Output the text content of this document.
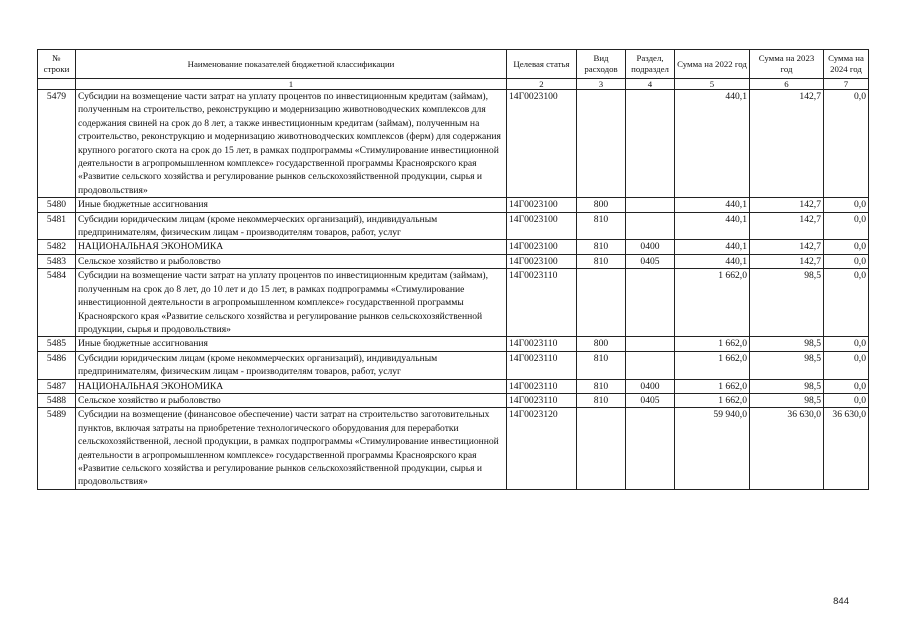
№ строки	Наименование показателей бюджетной классификации	Целевая статья	Вид расходов	Раздел, подраздел	Сумма на 2022 год	Сумма на 2023 год	Сумма на 2024 год
	1	2	3	4	5	6	7
5479	Субсидии на возмещение части затрат на уплату процентов по инвестиционным кредитам (займам), полученным на строительство, реконструкцию и модернизацию животноводческих комплексов для содержания свиней на срок до 8 лет, а также инвестиционным кредитам (займам), полученным на строительство, реконструкцию и модернизацию животноводческих комплексов (ферм) для содержания крупного рогатого скота на срок до 15 лет, в рамках подпрограммы «Стимулирование инвестиционной деятельности в агропромышленном комплексе» государственной программы Красноярского края «Развитие сельского хозяйства и регулирование рынков сельскохозяйственной продукции, сырья и продовольствия»	14Г0023100			440,1	142,7	0,0
5480	Иные бюджетные ассигнования	14Г0023100	800		440,1	142,7	0,0
5481	Субсидии юридическим лицам (кроме некоммерческих организаций), индивидуальным предпринимателям, физическим лицам - производителям товаров, работ, услуг	14Г0023100	810		440,1	142,7	0,0
5482	НАЦИОНАЛЬНАЯ ЭКОНОМИКА	14Г0023100	810	0400	440,1	142,7	0,0
5483	Сельское хозяйство и рыболовство	14Г0023100	810	0405	440,1	142,7	0,0
5484	Субсидии на возмещение части затрат на уплату процентов по инвестиционным кредитам (займам), полученным на срок до 8 лет, до 10 лет и до 15 лет, в рамках подпрограммы «Стимулирование инвестиционной деятельности в агропромышленном комплексе» государственной программы Красноярского края «Развитие сельского хозяйства и регулирование рынков сельскохозяйственной продукции, сырья и продовольствия»	14Г0023110			1 662,0	98,5	0,0
5485	Иные бюджетные ассигнования	14Г0023110	800		1 662,0	98,5	0,0
5486	Субсидии юридическим лицам (кроме некоммерческих организаций), индивидуальным предпринимателям, физическим лицам - производителям товаров, работ, услуг	14Г0023110	810		1 662,0	98,5	0,0
5487	НАЦИОНАЛЬНАЯ ЭКОНОМИКА	14Г0023110	810	0400	1 662,0	98,5	0,0
5488	Сельское хозяйство и рыболовство	14Г0023110	810	0405	1 662,0	98,5	0,0
5489	Субсидии на возмещение (финансовое обеспечение) части затрат на строительство заготовительных пунктов, включая затраты на приобретение технологического оборудования для переработки сельскохозяйственной, лесной продукции, в рамках подпрограммы «Стимулирование инвестиционной деятельности в агропромышленном комплексе» государственной программы Красноярского края «Развитие сельского хозяйства и регулирование рынков сельскохозяйственной продукции, сырья и продовольствия»	14Г0023120			59 940,0	36 630,0	36 630,0
844
